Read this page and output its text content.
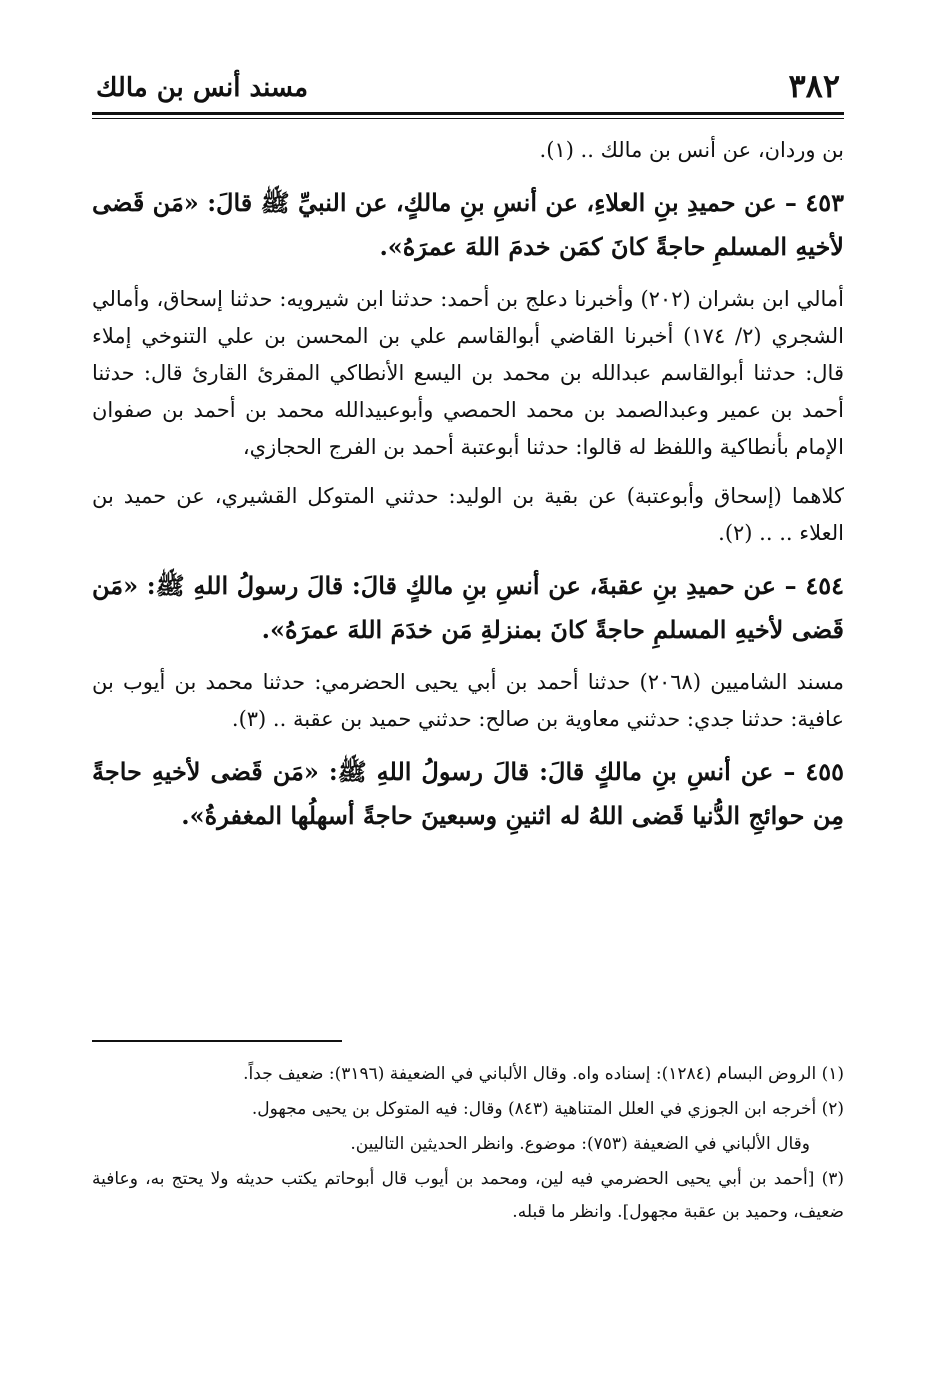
٣٨٢
مسند أنس بن مالك

بن وردان، عن أنس بن مالك .. (١).

٤٥٣ – عن حميدِ بنِ العلاءِ، عن أنسِ بنِ مالكٍ، عن النبيِّ ﷺ قالَ: «مَن قَضى لأخيهِ المسلمِ حاجةً كانَ كمَن خدمَ اللهَ عمرَهُ».

أمالي ابن بشران (٢٠٢) وأخبرنا دعلج بن أحمد: حدثنا ابن شيرويه: حدثنا إسحاق، وأمالي الشجري (٢/ ١٧٤) أخبرنا القاضي أبوالقاسم علي بن المحسن بن علي التنوخي إملاء قال: حدثنا أبوالقاسم عبدالله بن محمد بن اليسع الأنطاكي المقرئ القارئ قال: حدثنا أحمد بن عمير وعبدالصمد بن محمد الحمصي وأبوعبيدالله محمد بن أحمد بن صفوان الإمام بأنطاكية واللفظ له قالوا: حدثنا أبوعتبة أحمد بن الفرج الحجازي،

كلاهما (إسحاق وأبوعتبة) عن بقية بن الوليد: حدثني المتوكل القشيري، عن حميد بن العلاء .. .. (٢).

٤٥٤ – عن حميدِ بنِ عقبةَ، عن أنسِ بنِ مالكٍ قالَ: قالَ رسولُ اللهِ ﷺ: «مَن قَضى لأخيهِ المسلمِ حاجةً كانَ بمنزلةِ مَن خدَمَ اللهَ عمرَهُ».

مسند الشاميين (٢٠٦٨) حدثنا أحمد بن أبي يحيى الحضرمي: حدثنا محمد بن أيوب بن عافية: حدثنا جدي: حدثني معاوية بن صالح: حدثني حميد بن عقبة .. (٣).

٤٥٥ – عن أنسِ بنِ مالكٍ قالَ: قالَ رسولُ اللهِ ﷺ: «مَن قَضى لأخيهِ حاجةً مِن حوائجِ الدُّنيا قَضى اللهُ له اثنينِ وسبعينَ حاجةً أسهلُها المغفرةُ».

(١) الروض البسام (١٢٨٤): إسناده واه. وقال الألباني في الضعيفة (٣١٩٦): ضعيف جداً.

(٢) أخرجه ابن الجوزي في العلل المتناهية (٨٤٣) وقال: فيه المتوكل بن يحيى مجهول.

وقال الألباني في الضعيفة (٧٥٣): موضوع. وانظر الحديثين التاليين.

(٣) [أحمد بن أبي يحيى الحضرمي فيه لين، ومحمد بن أيوب قال أبوحاتم يكتب حديثه ولا يحتج به، وعافية ضعيف، وحميد بن عقبة مجهول]. وانظر ما قبله.
